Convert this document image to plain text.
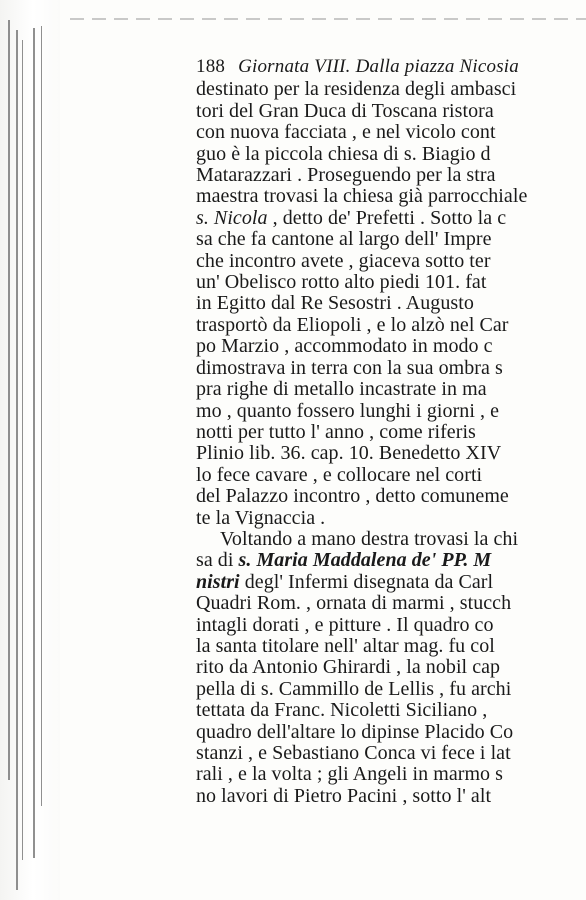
188 Giornata VIII. Dalla piazza Nicosia
destinato per la residenza degli ambasci
tori del Gran Duca di Toscana ristora
con nuova facciata , e nel vicolo cont
guo è la piccola chiesa di s. Biagio d
Matarazzari . Proseguendo per la stra
maestra trovasi la chiesa già parrocchiale
s. Nicola , detto de' Prefetti . Sotto la c
sa che fa cantone al largo dell' Impre
che incontro avete , giaceva sotto ter
un' Obelisco rotto alto piedi 101. fat
in Egitto dal Re Sesostri . Augusto
trasportò da Eliopoli , e lo alzò nel Car
po Marzio , accommodato in modo c
dimostrava in terra con la sua ombra s
pra righe di metallo incastrate in ma
mo , quanto fossero lunghi i giorni , e
notti per tutto l' anno , come riferis
Plinio lib. 36. cap. 10. Benedetto XIV
lo fece cavare , e collocare nel corti
del Palazzo incontro , detto comuneme
te la Vignaccia .
Voltando a mano destra trovasi la chi
sa di s. Maria Maddalena de' PP. M
nistri degl' Infermi disegnata da Carl
Quadri Rom. , ornata di marmi , stucch
intagli dorati , e pitture . Il quadro co
la santa titolare nell' altar mag. fu col
rito da Antonio Ghirardi , la nobil cap
pella di s. Cammillo de Lellis , fu archi
tettata da Franc. Nicoletti Siciliano ,
quadro dell'altare lo dipinse Placido Co
stanzi , e Sebastiano Conca vi fece i lat
rali , e la volta ; gli Angeli in marmo s
no lavori di Pietro Pacini , sotto l' alt
